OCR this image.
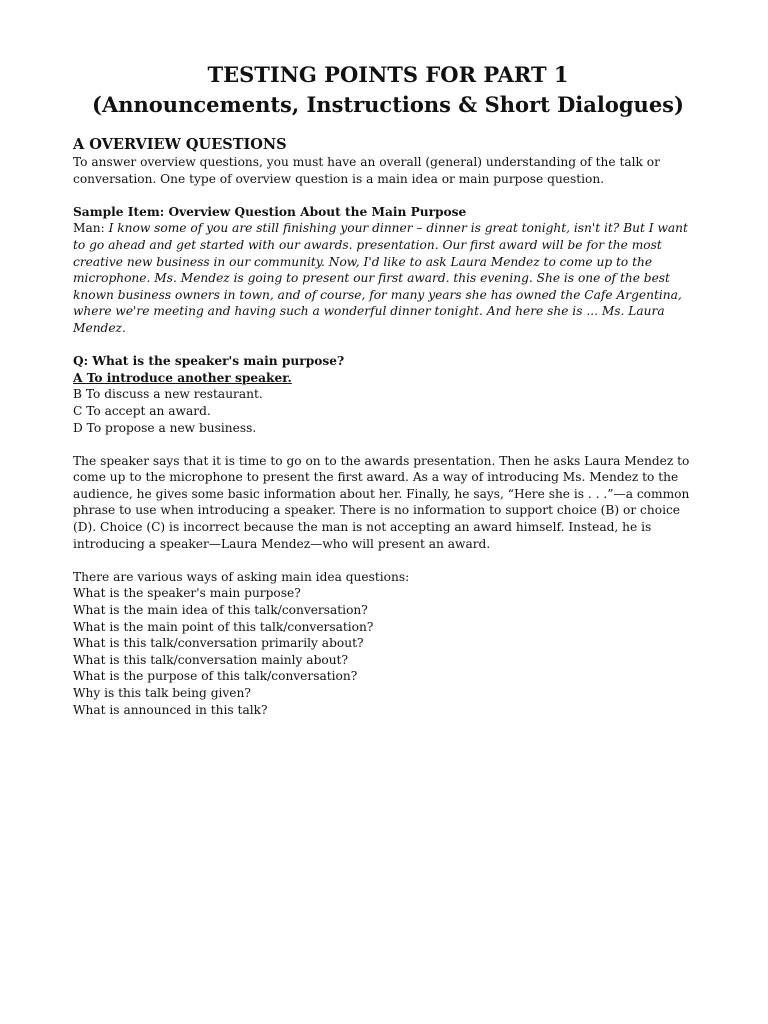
TESTING POINTS FOR PART 1
(Announcements, Instructions & Short Dialogues)
A OVERVIEW QUESTIONS

To answer overview questions, you must have an overall (general) understanding of the talk or conversation. One type of overview question is a main idea or main purpose question.

Sample Item: Overview Question About the Main Purpose

Man: I know some of you are still finishing your dinner – dinner is great tonight, isn't it? But I want to go ahead and get started with our awards. presentation. Our first award will be for the most creative new business in our community. Now, I'd like to ask Laura Mendez to come up to the microphone. Ms. Mendez is going to present our first award. this evening. She is one of the best known business owners in town, and of course, for many years she has owned the Cafe Argentina, where we're meeting and having such a wonderful dinner tonight. And here she is ... Ms. Laura Mendez.

Q: What is the speaker's main purpose?

A To introduce another speaker.

B To discuss a new restaurant.

C To accept an award.

D To propose a new business.

The speaker says that it is time to go on to the awards presentation. Then he asks Laura Mendez to come up to the microphone to present the first award. As a way of introducing Ms. Mendez to the audience, he gives some basic information about her. Finally, he says, “Here she is . . .”—a common phrase to use when introducing a speaker. There is no information to support choice (B) or choice (D). Choice (C) is incorrect because the man is not accepting an award himself. Instead, he is introducing a speaker—Laura Mendez—who will present an award.

There are various ways of asking main idea questions:

What is the speaker's main purpose?

What is the main idea of this talk/conversation?

What is the main point of this talk/conversation?

What is this talk/conversation primarily about?

What is this talk/conversation mainly about?

What is the purpose of this talk/conversation?

Why is this talk being given?

What is announced in this talk?
